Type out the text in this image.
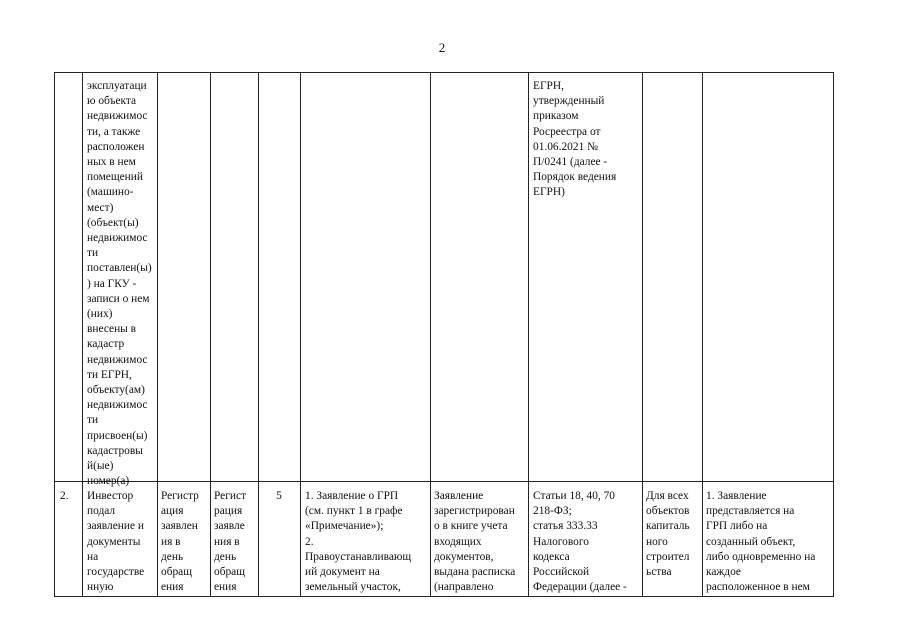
2
эксплуатаци
ю объекта
недвижимос
ти, а также
расположен
ных в нем
помещений
(машино-
мест)
(объект(ы)
недвижимос
ти
поставлен(ы)
) на ГКУ -
записи о нем
(них)
внесены в
кадастр
недвижимос
ти ЕГРН,
объекту(ам)
недвижимос
ти
присвоен(ы)
кадастровы
й(ые)
номер(а)
ЕГРН,
утвержденный
приказом
Росреестра от
01.06.2021 №
П/0241 (далее -
Порядок ведения
ЕГРН)
2.	Инвестор
подал
заявление и
документы
на
государстве
нную
Регистр
ация
заявлен
ия в
день
обращ
ения
Регист
рация
заявле
ния в
день
обращ
ения
5	1. Заявление о ГРП
(см. пункт 1 в графе
«Примечание»);
2.
Правоустанавливающ
ий документ на
земельный участок,
Заявление
зарегистрирован
о в книге учета
входящих
документов,
выдана расписка
(направлено
Статьи 18, 40, 70
218-ФЗ;
статья 333.33
Налогового
кодекса
Российской
Федерации (далее -
Для всех
объектов
капиталь
ного
строител
ьства
1. Заявление
представляется на
ГРП либо на
созданный объект,
либо одновременно на
каждое
расположенное в нем
